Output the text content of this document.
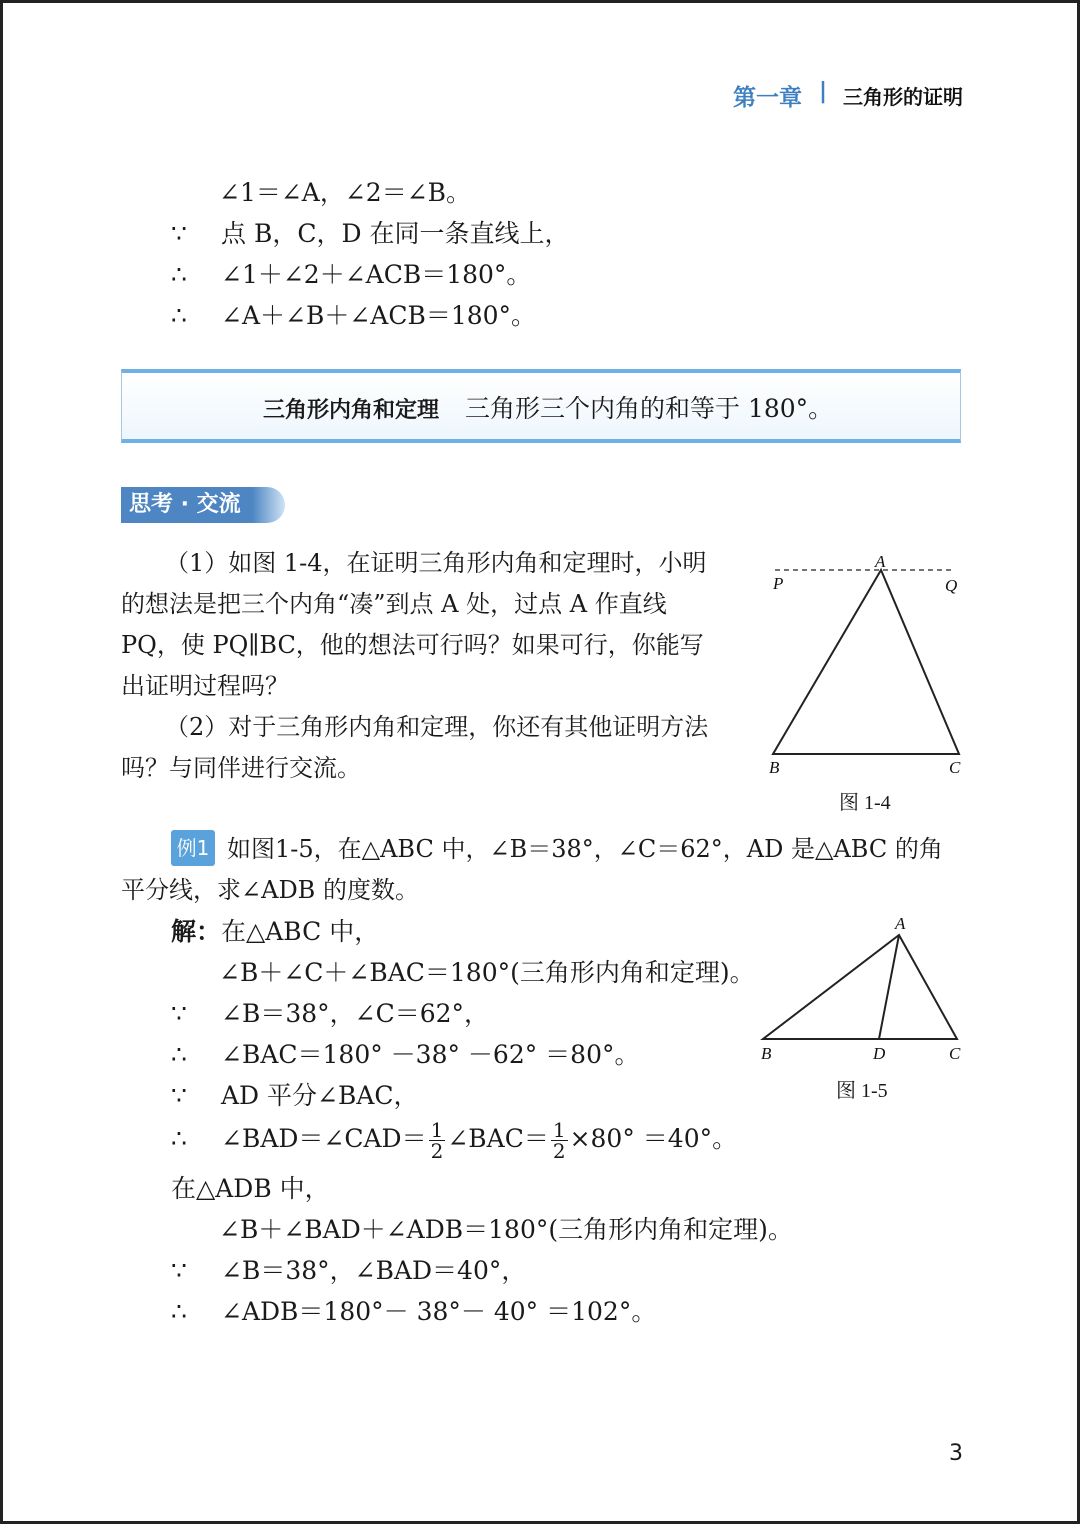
第一章 | 三角形的证明
∠1＝∠A，∠2＝∠B。
∵ 点 B，C，D 在同一条直线上，
∴ ∠1＋∠2＋∠ACB＝180°。
∴ ∠A＋∠B＋∠ACB＝180°。
三角形内角和定理 三角形三个内角的和等于 180°。
思考 · 交流
（1）如图 1-4，在证明三角形内角和定理时，小明
的想法是把三个内角“凑”到点 A 处，过点 A 作直线
PQ，使 PQ∥BC，他的想法可行吗？如果可行，你能写
出证明过程吗？
（2）对于三角形内角和定理，你还有其他证明方法
吗？与同伴进行交流。
A
P	Q
B	C
图 1-4
例1 如图1-5，在△ABC 中，∠B＝38°，∠C＝62°，AD 是△ABC 的角
平分线，求∠ADB 的度数。
解：在△ABC 中，
∠B＋∠C＋∠BAC＝180°(三角形内角和定理)。
∵ ∠B＝38°，∠C＝62°，
∴ ∠BAC＝180° －38° －62° ＝80°。
∵ AD 平分∠BAC，
∴ ∠BAD＝∠CAD＝ $\frac{1}{2}$ ∠BAC＝ $\frac{1}{2} \times 80^\circ =40^\circ$。
在△ADB 中，
∠B＋∠BAD＋∠ADB＝180°(三角形内角和定理)。
∵ ∠B＝38°，∠BAD＝40°，
∴ ∠ADB＝180°－ 38°－ 40° ＝102°。
A
B	D	C
图 1-5
3
